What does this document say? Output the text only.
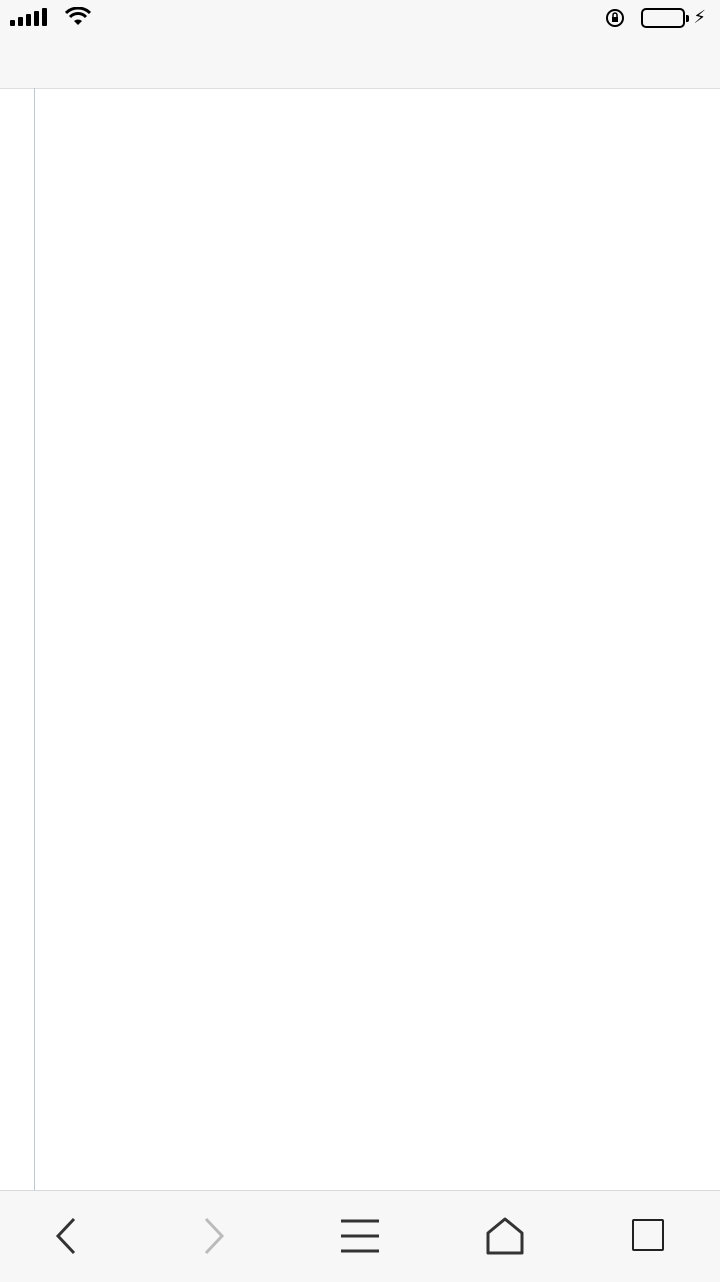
⚡
